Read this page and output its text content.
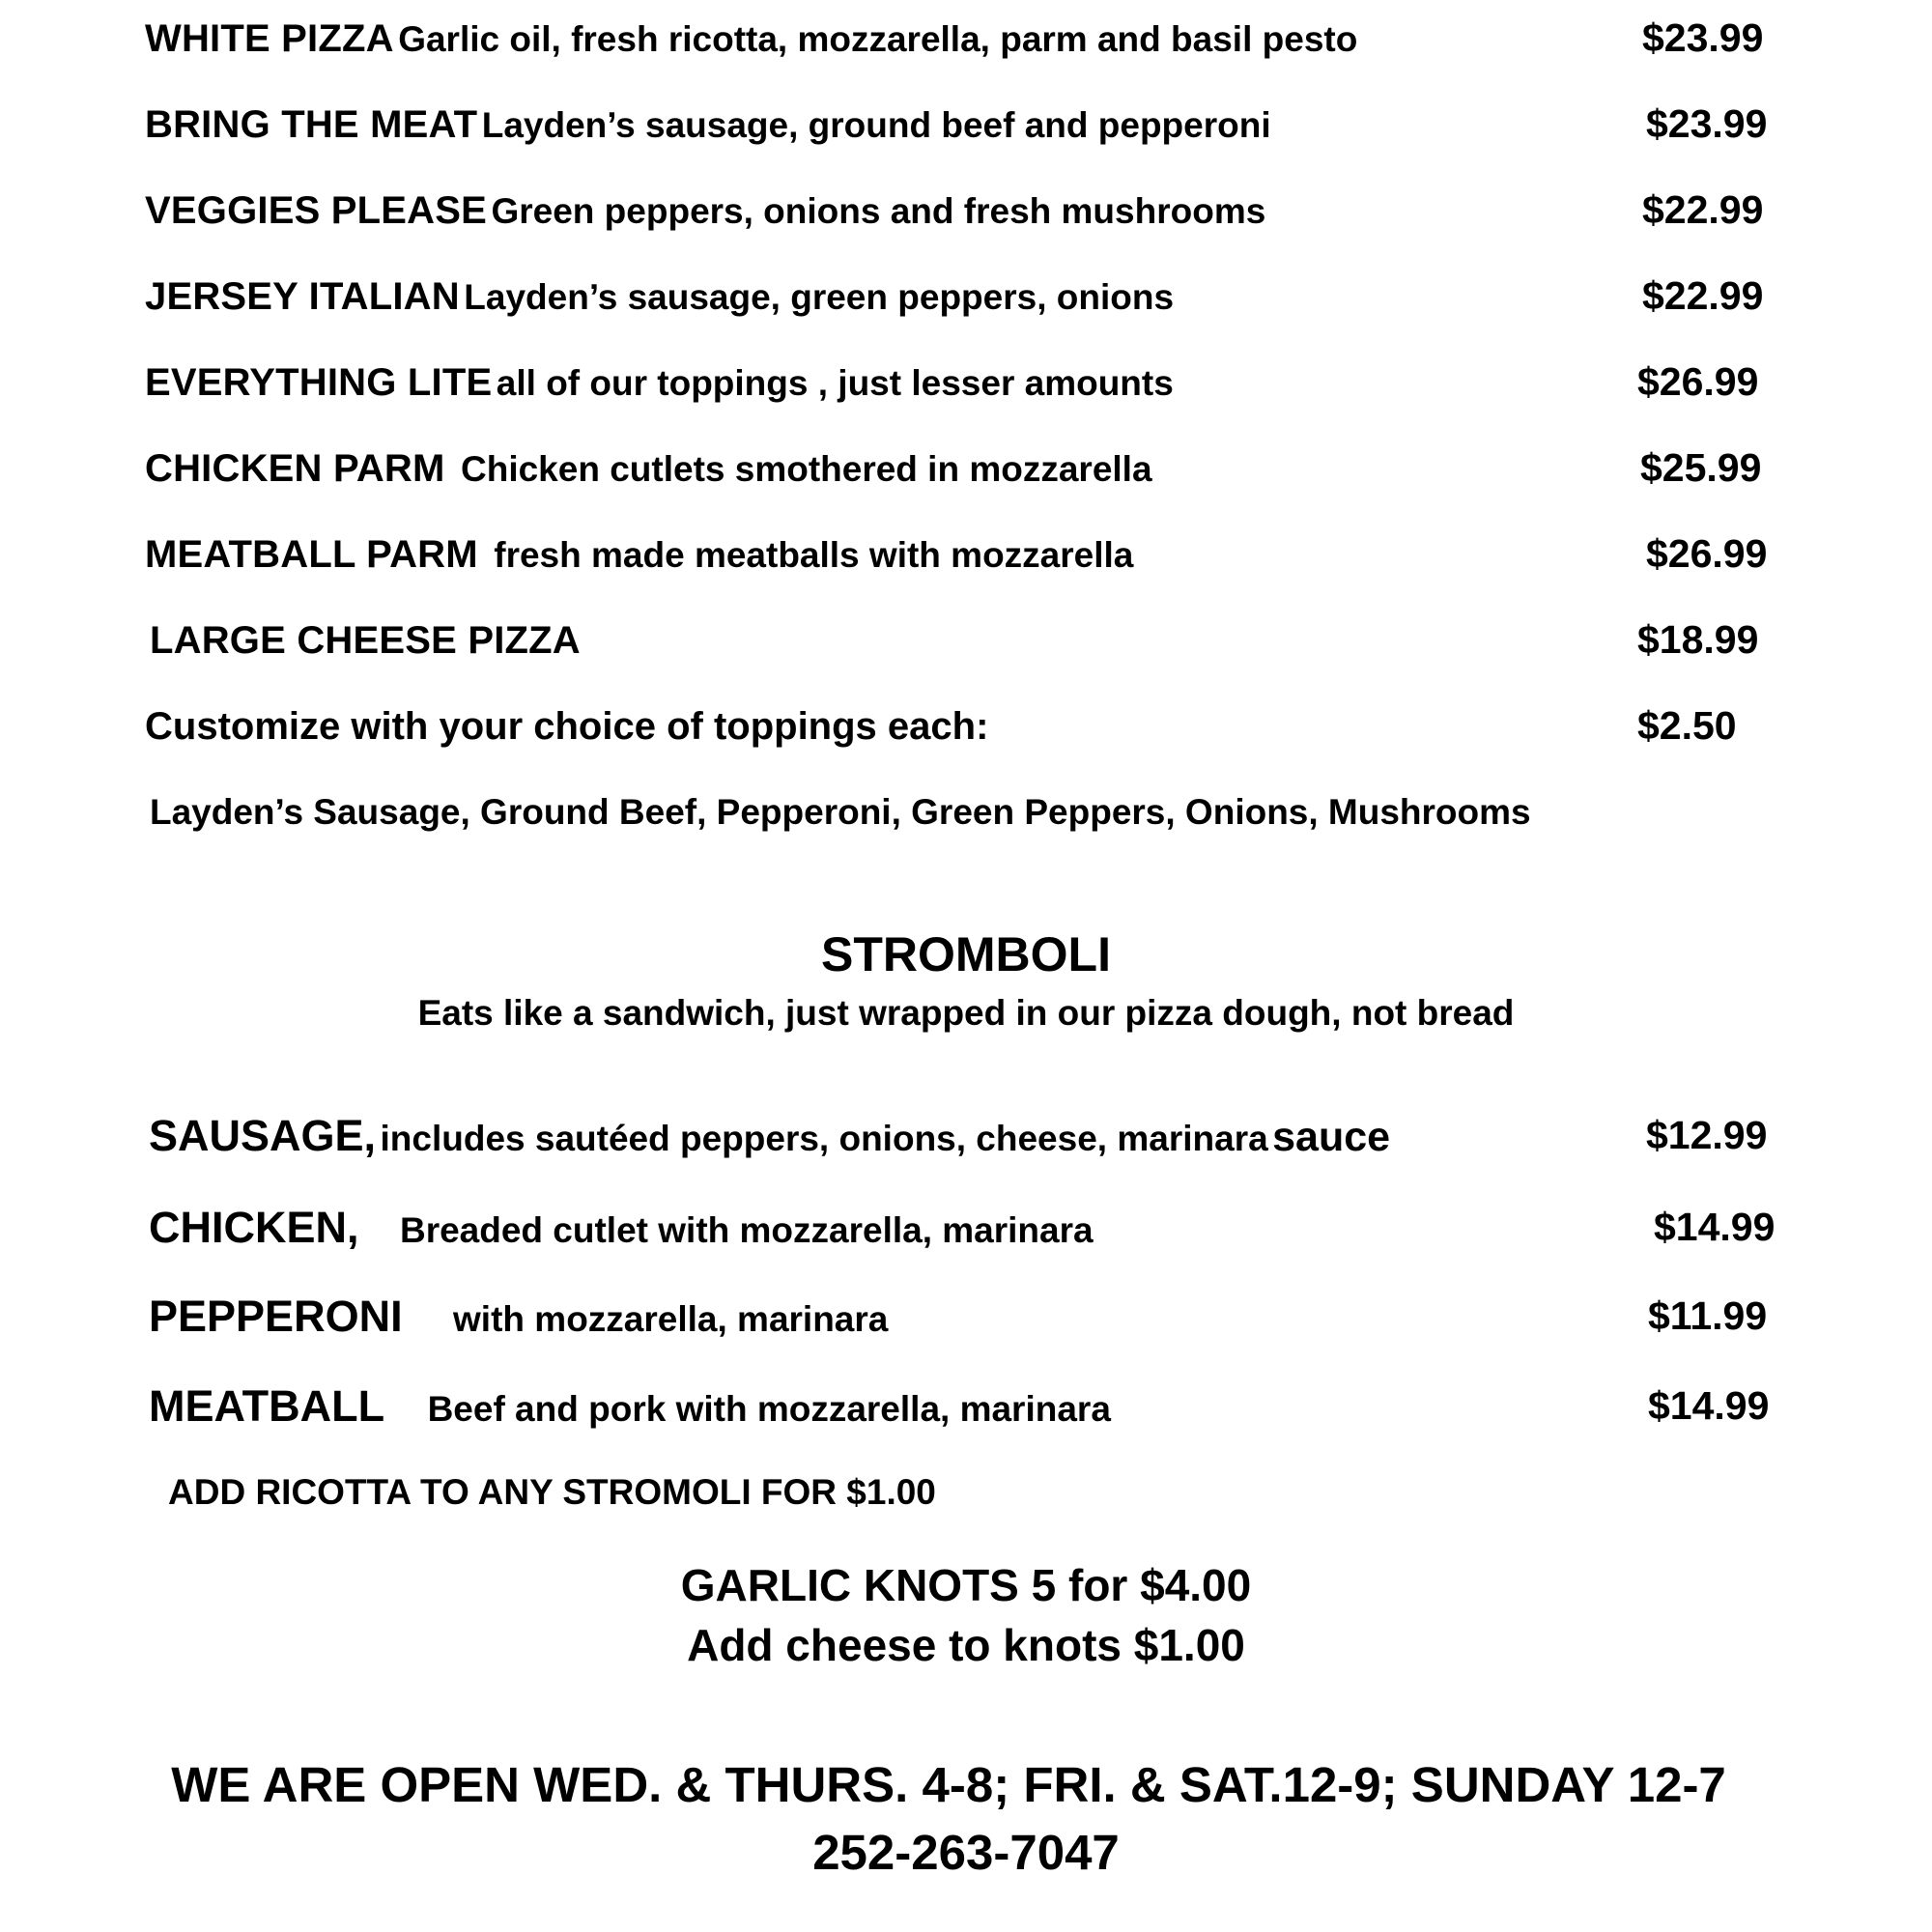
WHITE PIZZA Garlic oil, fresh ricotta, mozzarella, parm and basil pesto	$23.99
BRING THE MEAT Layden’s sausage, ground beef and pepperoni	$23.99
VEGGIES PLEASE Green peppers, onions and fresh mushrooms	$22.99
JERSEY ITALIAN Layden’s sausage, green peppers, onions	$22.99
EVERYTHING LITE all of our toppings , just lesser amounts	$26.99
CHICKEN PARM Chicken cutlets smothered in mozzarella	$25.99
MEATBALL PARM fresh made meatballs with mozzarella	$26.99
LARGE CHEESE PIZZA	$18.99
Customize with your choice of toppings each:	$2.50
Layden’s Sausage, Ground Beef, Pepperoni, Green Peppers, Onions, Mushrooms
STROMBOLI
Eats like a sandwich, just wrapped in our pizza dough, not bread
SAUSAGE, includes sautéed peppers, onions, cheese, marinara sauce	$12.99
CHICKEN, Breaded cutlet with mozzarella, marinara	$14.99
PEPPERONI with mozzarella, marinara	$11.99
MEATBALL Beef and pork with mozzarella, marinara	$14.99
ADD RICOTTA TO ANY STROMOLI FOR $1.00
GARLIC KNOTS 5 for $4.00
Add cheese to knots $1.00
WE ARE OPEN WED. & THURS. 4-8; FRI. & SAT.12-9; SUNDAY 12-7
252-263-7047
